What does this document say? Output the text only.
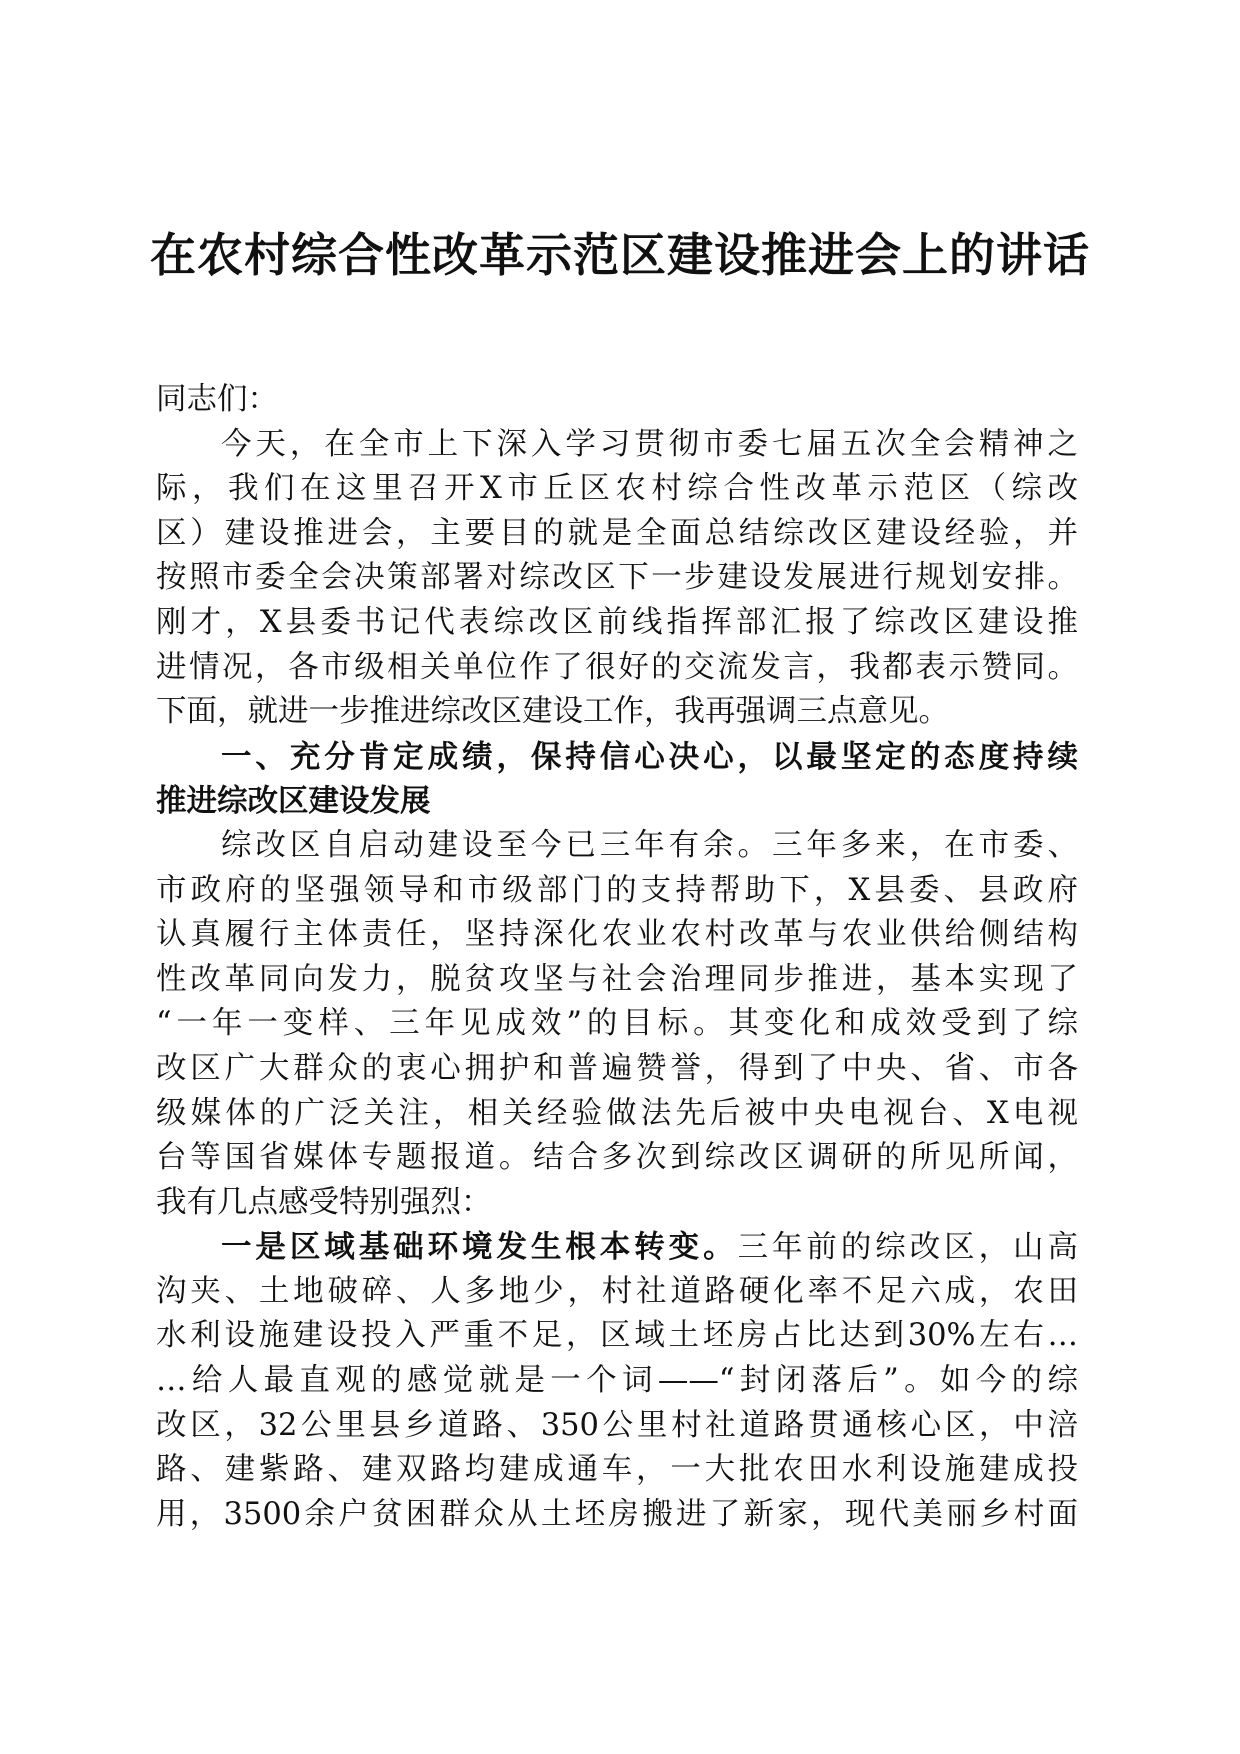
在农村综合性改革示范区建设推进会上的讲话
同志们：
今天，在全市上下深入学习贯彻市委七届五次全会精神之
际，我们在这里召开X市丘区农村综合性改革示范区（综改
区）建设推进会，主要目的就是全面总结综改区建设经验，并
按照市委全会决策部署对综改区下一步建设发展进行规划安排。
刚才，X县委书记代表综改区前线指挥部汇报了综改区建设推
进情况，各市级相关单位作了很好的交流发言，我都表示赞同。
下面，就进一步推进综改区建设工作，我再强调三点意见。
一、充分肯定成绩，保持信心决心，以最坚定的态度持续
推进综改区建设发展
综改区自启动建设至今已三年有余。三年多来，在市委、
市政府的坚强领导和市级部门的支持帮助下，X县委、县政府
认真履行主体责任，坚持深化农业农村改革与农业供给侧结构
性改革同向发力，脱贫攻坚与社会治理同步推进，基本实现了
“一年一变样、三年见成效”的目标。其变化和成效受到了综
改区广大群众的衷心拥护和普遍赞誉，得到了中央、省、市各
级媒体的广泛关注，相关经验做法先后被中央电视台、X电视
台等国省媒体专题报道。结合多次到综改区调研的所见所闻，
我有几点感受特别强烈：
一是区域基础环境发生根本转变。三年前的综改区，山高
沟夹、土地破碎、人多地少，村社道路硬化率不足六成，农田
水利设施建设投入严重不足，区域土坯房占比达到30%左右…
…给人最直观的感觉就是一个词——“封闭落后”。如今的综
改区，32公里县乡道路、350公里村社道路贯通核心区，中涪
路、建紫路、建双路均建成通车，一大批农田水利设施建成投
用，3500余户贫困群众从土坯房搬进了新家，现代美丽乡村面
